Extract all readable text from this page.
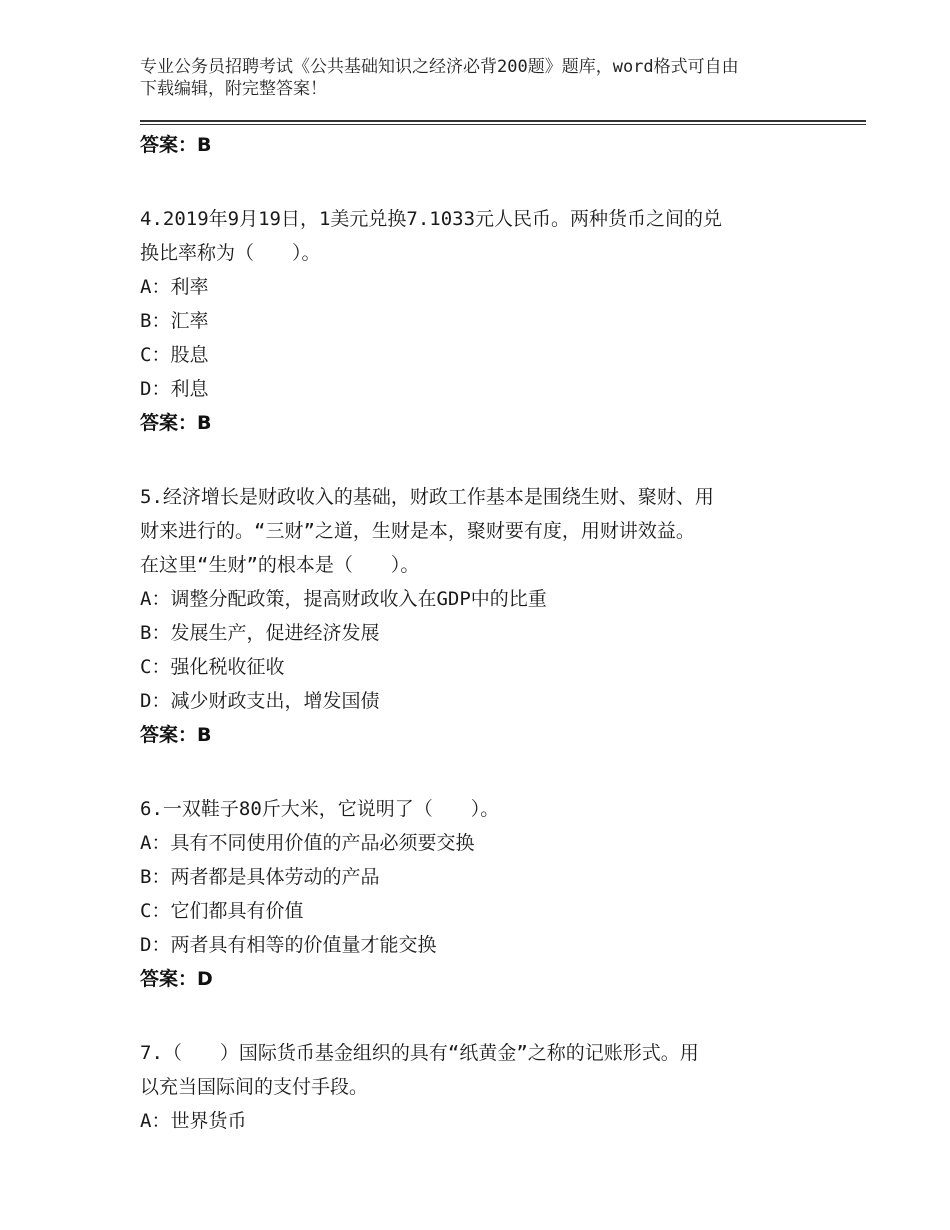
专业公务员招聘考试《公共基础知识之经济必背200题》题库，word格式可自由
下载编辑，附完整答案！
答案：B
4.2019年9月19日，1美元兑换7.1033元人民币。两种货币之间的兑
换比率称为（　　）。
A：利率
B：汇率
C：股息
D：利息
答案：B
5.经济增长是财政收入的基础，财政工作基本是围绕生财、聚财、用
财来进行的。“三财”之道，生财是本，聚财要有度，用财讲效益。
在这里“生财”的根本是（　　）。
A：调整分配政策，提高财政收入在GDP中的比重
B：发展生产，促进经济发展
C：强化税收征收
D：减少财政支出，增发国债
答案：B
6.一双鞋子80斤大米，它说明了（　　）。
A：具有不同使用价值的产品必须要交换
B：两者都是具体劳动的产品
C：它们都具有价值
D：两者具有相等的价值量才能交换
答案：D
7.（　　）国际货币基金组织的具有“纸黄金”之称的记账形式。用
以充当国际间的支付手段。
A：世界货币
